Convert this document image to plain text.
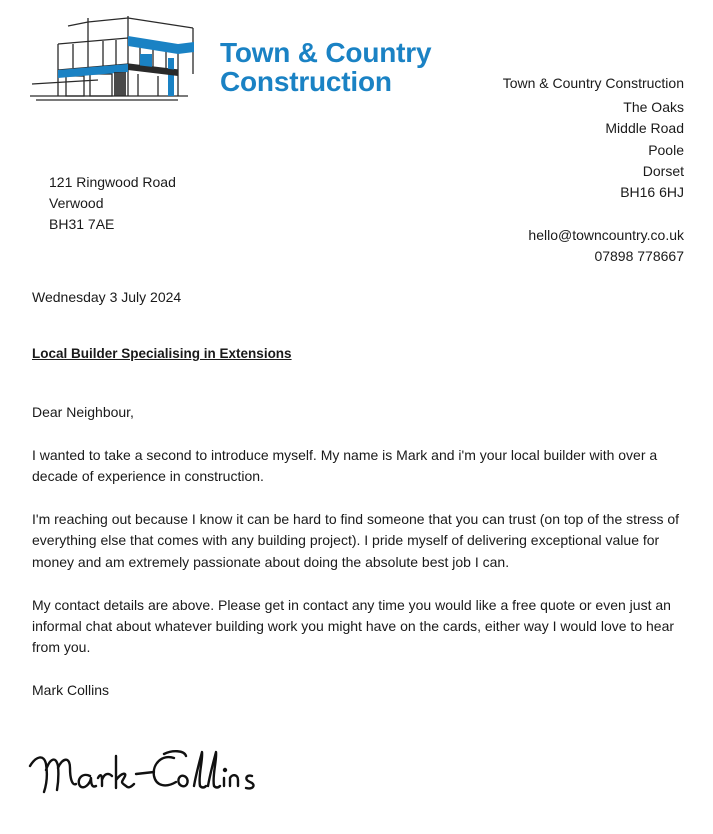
Town & Country
Construction	Town & Country Construction
The Oaks
Middle Road
Poole
Dorset
BH16 6HJ
hello@towncountry.co.uk
07898 778667
121 Ringwood Road
Verwood
BH31 7AE
Wednesday 3 July 2024
Local Builder Specialising in Extensions

Dear Neighbour,

I wanted to take a second to introduce myself. My name is Mark and i'm your local builder with over a decade of experience in construction.

I'm reaching out because I know it can be hard to find someone that you can trust (on top of the stress of everything else that comes with any building project). I pride myself of delivering exceptional value for money and am extremely passionate about doing the absolute best job I can.

My contact details are above. Please get in contact any time you would like a free quote or even just an informal chat about whatever building work you might have on the cards, either way I would love to hear from you.

Mark Collins
